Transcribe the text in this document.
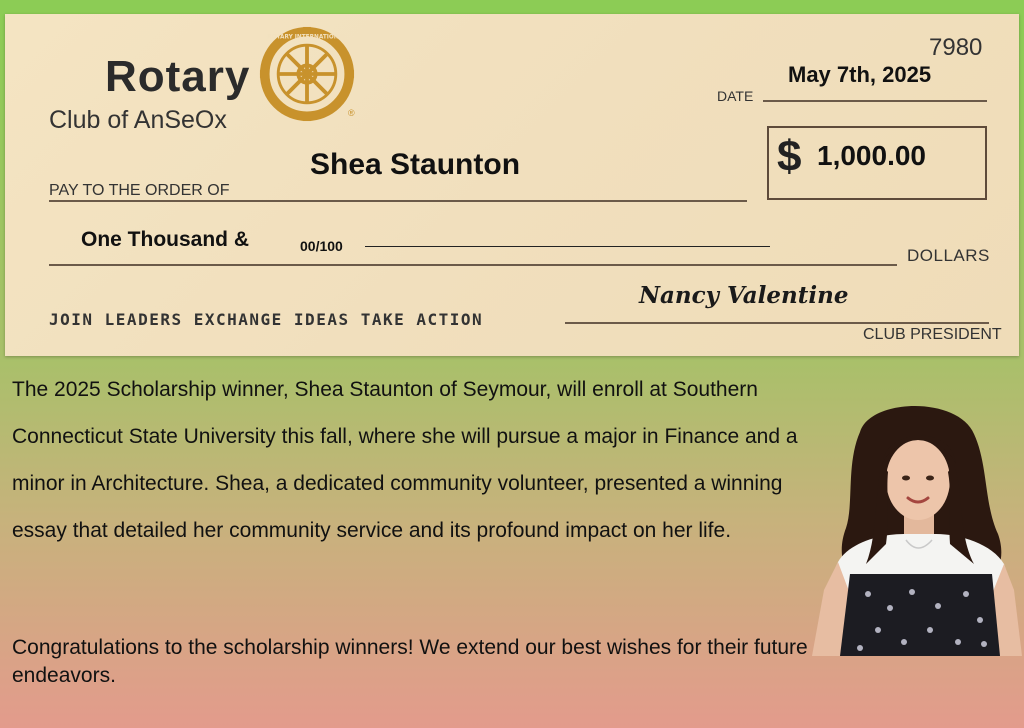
Rotary
Club of AnSeOx
ROTARY INTERNATIONAL
®
7980
May 7th, 2025
DATE
Shea Staunton
PAY TO THE ORDER OF
$ 1,000.00
One Thousand &	00/100	DOLLARS
JOIN LEADERS EXCHANGE IDEAS TAKE ACTION
Nancy Valentine
CLUB PRESIDENT

The 2025 Scholarship winner, Shea Staunton of Seymour, will enroll at Southern Connecticut State University this fall, where she will pursue a major in Finance and a minor in Architecture. Shea, a dedicated community volunteer, presented a winning essay that detailed her community service and its profound impact on her life.

Congratulations to the scholarship winners! We extend our best wishes for their future endeavors.
